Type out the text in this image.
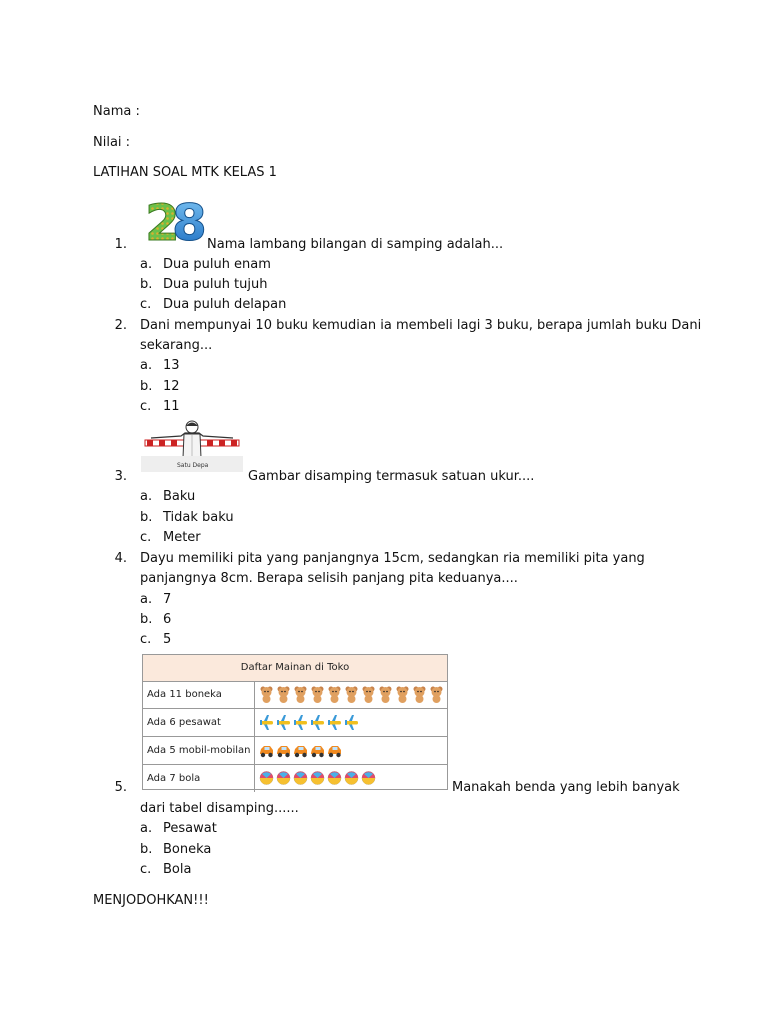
Nama :
Nilai :
LATIHAN SOAL MTK KELAS 1
2
8
1.	Nama lambang bilangan di samping adalah...
a. Dua puluh enam
b. Dua puluh tujuh
c. Dua puluh delapan
2. Dani mempunyai 10 buku kemudian ia membeli lagi 3 buku, berapa jumlah buku Dani
sekarang...
a. 13
b. 12
c. 11
Satu Depa
3.	Gambar disamping termasuk satuan ukur....
a. Baku
b. Tidak baku
c. Meter
4. Dayu memiliki pita yang panjangnya 15cm, sedangkan ria memiliki pita yang
panjangnya 8cm. Berapa selisih panjang pita keduanya....
a. 7
b. 6
c. 5
Daftar Mainan di Toko
Ada 11 boneka
Ada 6 pesawat
Ada 5 mobil-mobilan
Ada 7 bola
5.	Manakah benda yang lebih banyak
dari tabel disamping......
a. Pesawat
b. Boneka
c. Bola
MENJODOHKAN!!!
